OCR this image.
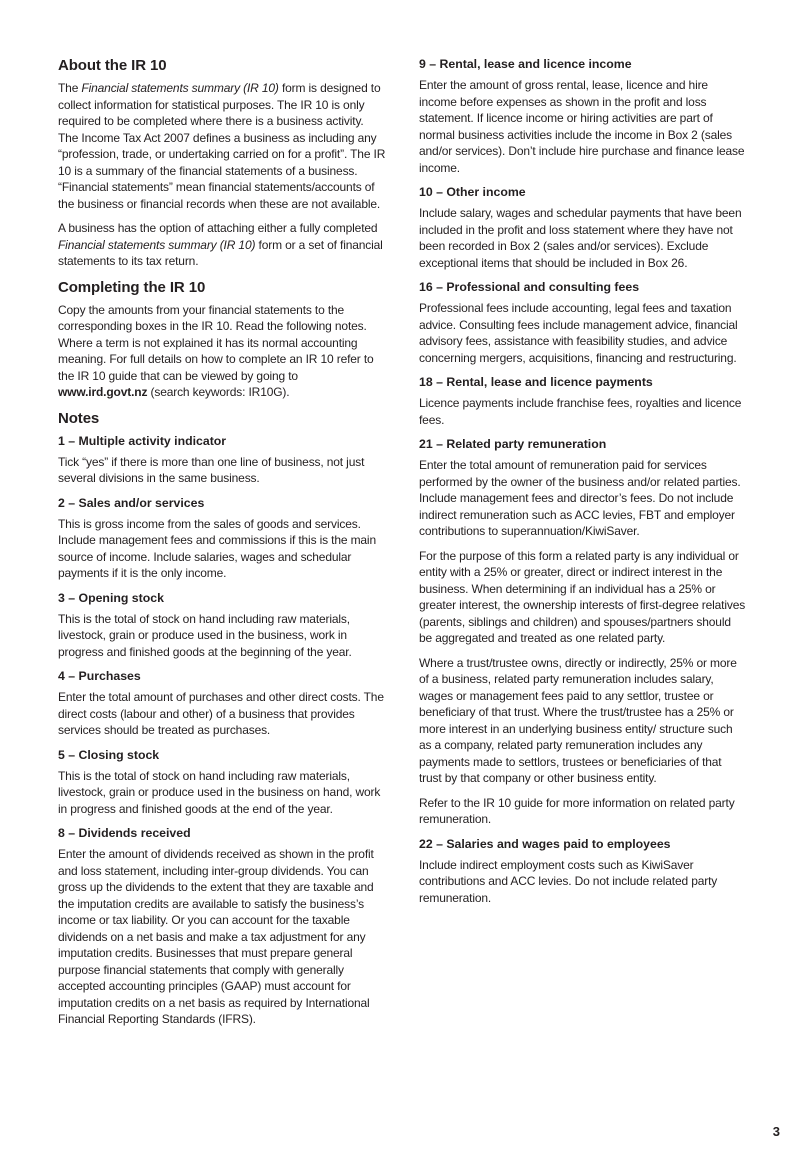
About the IR 10

The Financial statements summary (IR 10) form is designed to collect information for statistical purposes. The IR 10 is only required to be completed where there is a business activity. The Income Tax Act 2007 defines a business as including any “profession, trade, or undertaking carried on for a profit”. The IR 10 is a summary of the financial statements of a business. “Financial statements” mean financial statements/accounts of the business or financial records when these are not available.

A business has the option of attaching either a fully completed Financial statements summary (IR 10) form or a set of financial statements to its tax return.

Completing the IR 10

Copy the amounts from your financial statements to the corresponding boxes in the IR 10. Read the following notes. Where a term is not explained it has its normal accounting meaning. For full details on how to complete an IR 10 refer to the IR 10 guide that can be viewed by going to www.ird.govt.nz (search keywords: IR10G).

Notes
1 – Multiple activity indicator

Tick “yes” if there is more than one line of business, not just several divisions in the same business.

2 – Sales and/or services

This is gross income from the sales of goods and services. Include management fees and commissions if this is the main source of income. Include salaries, wages and schedular payments if it is the only income.

3 – Opening stock

This is the total of stock on hand including raw materials, livestock, grain or produce used in the business, work in progress and finished goods at the beginning of the year.

4 – Purchases

Enter the total amount of purchases and other direct costs. The direct costs (labour and other) of a business that provides services should be treated as purchases.

5 – Closing stock

This is the total of stock on hand including raw materials, livestock, grain or produce used in the business on hand, work in progress and finished goods at the end of the year.

8 – Dividends received

Enter the amount of dividends received as shown in the profit and loss statement, including inter-group dividends. You can gross up the dividends to the extent that they are taxable and the imputation credits are available to satisfy the business’s income or tax liability. Or you can account for the taxable dividends on a net basis and make a tax adjustment for any imputation credits. Businesses that must prepare general purpose financial statements that comply with generally accepted accounting principles (GAAP) must account for imputation credits on a net basis as required by International Financial Reporting Standards (IFRS).

9 – Rental, lease and licence income

Enter the amount of gross rental, lease, licence and hire income before expenses as shown in the profit and loss statement. If licence income or hiring activities are part of normal business activities include the income in Box 2 (sales and/or services). Don’t include hire purchase and finance lease income.

10 – Other income

Include salary, wages and schedular payments that have been included in the profit and loss statement where they have not been recorded in Box 2 (sales and/or services). Exclude exceptional items that should be included in Box 26.

16 – Professional and consulting fees

Professional fees include accounting, legal fees and taxation advice. Consulting fees include management advice, financial advisory fees, assistance with feasibility studies, and advice concerning mergers, acquisitions, financing and restructuring.

18 – Rental, lease and licence payments

Licence payments include franchise fees, royalties and licence fees.

21 – Related party remuneration

Enter the total amount of remuneration paid for services performed by the owner of the business and/or related parties. Include management fees and director’s fees. Do not include indirect remuneration such as ACC levies, FBT and employer contributions to superannuation/KiwiSaver.

For the purpose of this form a related party is any individual or entity with a 25% or greater, direct or indirect interest in the business. When determining if an individual has a 25% or greater interest, the ownership interests of first-degree relatives (parents, siblings and children) and spouses/partners should be aggregated and treated as one related party.

Where a trust/trustee owns, directly or indirectly, 25% or more of a business, related party remuneration includes salary, wages or management fees paid to any settlor, trustee or beneficiary of that trust. Where the trust/trustee has a 25% or more interest in an underlying business entity/ structure such as a company, related party remuneration includes any payments made to settlors, trustees or beneficiaries of that trust by that company or other business entity.

Refer to the IR 10 guide for more information on related party remuneration.

22 – Salaries and wages paid to employees

Include indirect employment costs such as KiwiSaver contributions and ACC levies. Do not include related party remuneration.

3
